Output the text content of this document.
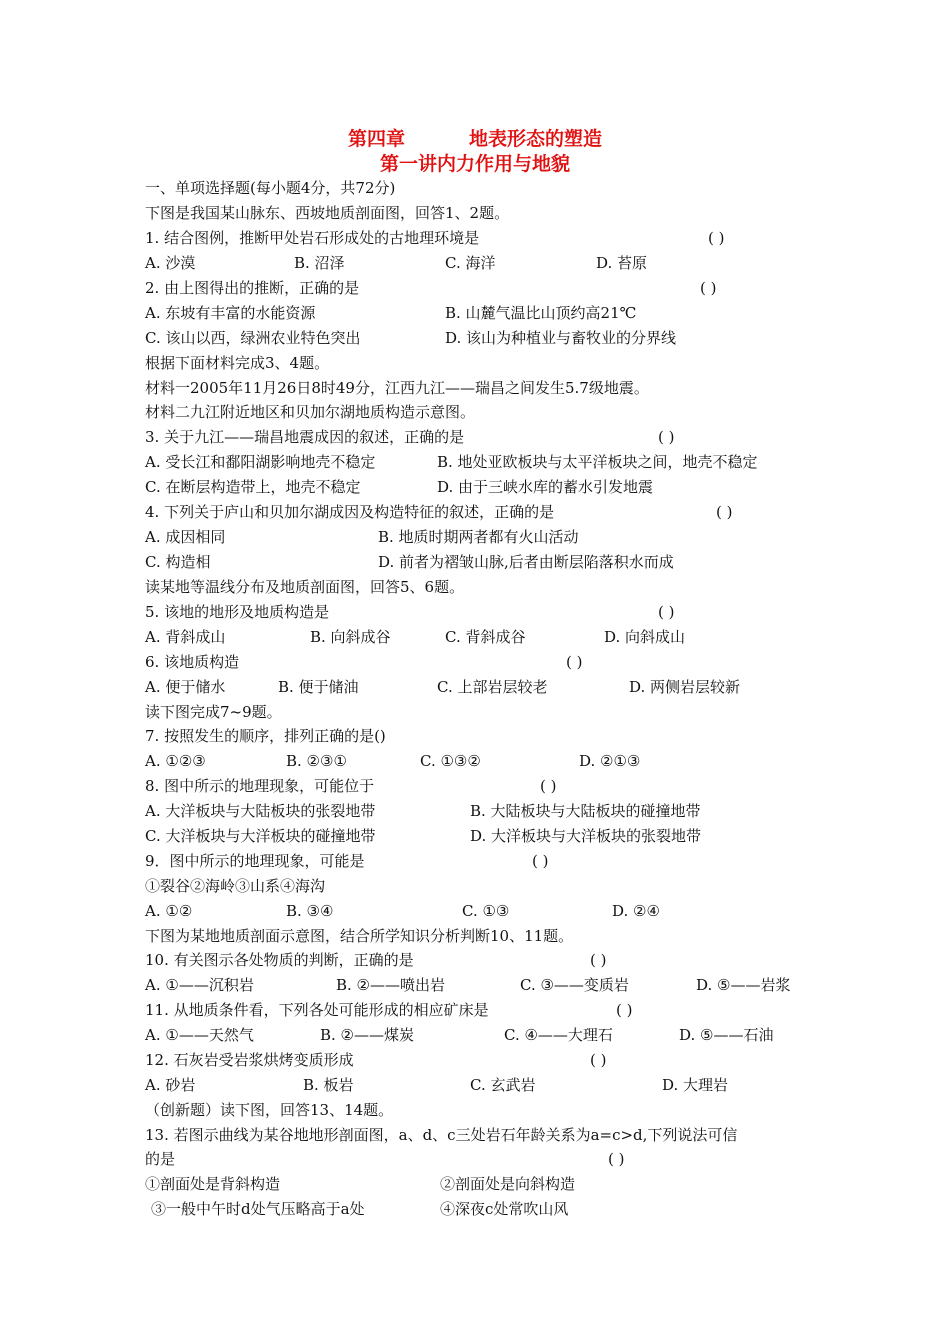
第四章	地表形态的塑造
第一讲内力作用与地貌
一、单项选择题(每小题4分，共72分)
下图是我国某山脉东、西坡地质剖面图，回答1、2题。
1. 结合图例，推断甲处岩石形成处的古地理环境是	( )
A. 沙漠	B. 沼泽	C. 海洋	D. 苔原
2. 由上图得出的推断，正确的是	( )
A. 东坡有丰富的水能资源	B. 山麓气温比山顶约高21℃
C. 该山以西，绿洲农业特色突出	D. 该山为种植业与畜牧业的分界线
根据下面材料完成3、4题。
材料一2005年11月26日8时49分，江西九江——瑞昌之间发生5.7级地震。
材料二九江附近地区和贝加尔湖地质构造示意图。
3. 关于九江——瑞昌地震成因的叙述，正确的是	( )
A. 受长江和鄱阳湖影响地壳不稳定	B. 地处亚欧板块与太平洋板块之间，地壳不稳定
C. 在断层构造带上，地壳不稳定	D. 由于三峡水库的蓄水引发地震
4. 下列关于庐山和贝加尔湖成因及构造特征的叙述，正确的是	( )
A. 成因相同	B. 地质时期两者都有火山活动
C. 构造相	D. 前者为褶皱山脉,后者由断层陷落积水而成
读某地等温线分布及地质剖面图，回答5、6题。
5. 该地的地形及地质构造是	( )
A. 背斜成山	B. 向斜成谷	C. 背斜成谷	D. 向斜成山
6. 该地质构造	( )
A. 便于储水	B. 便于储油	C. 上部岩层较老	D. 两侧岩层较新
读下图完成7~9题。
7. 按照发生的顺序，排列正确的是()
A. ①②③	B. ②③①	C. ①③②	D. ②①③
8. 图中所示的地理现象，可能位于	( )
A. 大洋板块与大陆板块的张裂地带	B. 大陆板块与大陆板块的碰撞地带
C. 大洋板块与大洋板块的碰撞地带	D. 大洋板块与大洋板块的张裂地带
9．图中所示的地理现象，可能是	( )
①裂谷②海岭③山系④海沟
A. ①②	B. ③④	C. ①③	D. ②④
下图为某地地质剖面示意图，结合所学知识分析判断10、11题。
10. 有关图示各处物质的判断，正确的是	( )
A. ①——沉积岩	B. ②——喷出岩	C. ③——变质岩	D. ⑤——岩浆
11. 从地质条件看，下列各处可能形成的相应矿床是	( )
A. ①——天然气	B. ②——煤炭	C. ④——大理石	D. ⑤——石油
12. 石灰岩受岩浆烘烤变质形成	( )
A. 砂岩	B. 板岩	C. 玄武岩	D. 大理岩
（创新题）读下图，回答13、14题。
13. 若图示曲线为某谷地地形剖面图，a、d、c三处岩石年龄关系为a=c>d,下列说法可信
的是	( )
①剖面处是背斜构造	②剖面处是向斜构造
③一般中午时d处气压略高于a处	④深夜c处常吹山风
